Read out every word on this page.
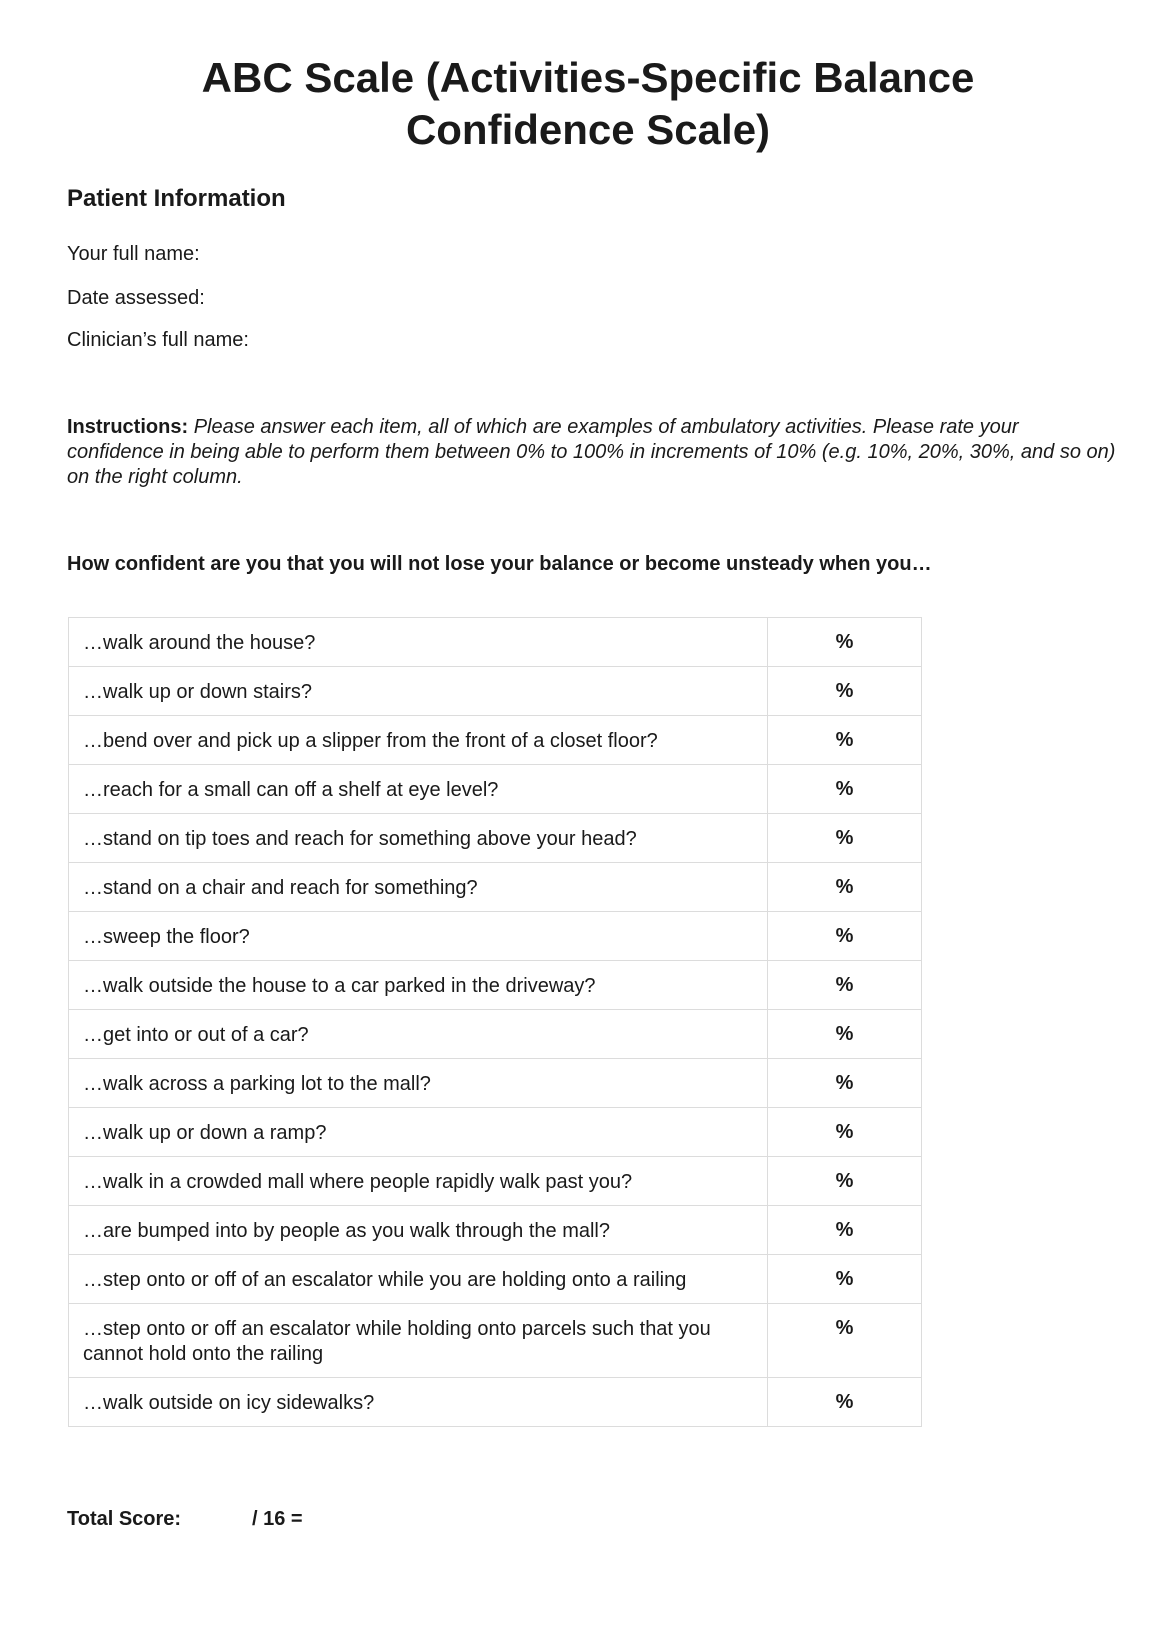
ABC Scale (Activities-Specific Balance
Confidence Scale)
Patient Information
Your full name:
Date assessed:
Clinician’s full name:
Instructions: Please answer each item, all of which are examples of ambulatory activities. Please rate your confidence in being able to perform them between 0% to 100% in increments of 10% (e.g. 10%, 20%, 30%, and so on) on the right column.
How confident are you that you will not lose your balance or become unsteady when you…
…walk around the house?	%
…walk up or down stairs?	%
…bend over and pick up a slipper from the front of a closet floor?	%
…reach for a small can off a shelf at eye level?	%
…stand on tip toes and reach for something above your head?	%
…stand on a chair and reach for something?	%
…sweep the floor?	%
…walk outside the house to a car parked in the driveway?	%
…get into or out of a car?	%
…walk across a parking lot to the mall?	%
…walk up or down a ramp?	%
…walk in a crowded mall where people rapidly walk past you?	%
…are bumped into by people as you walk through the mall?	%
…step onto or off of an escalator while you are holding onto a railing	%
…step onto or off an escalator while holding onto parcels such that you cannot hold onto the railing	%
…walk outside on icy sidewalks?	%
Total Score:	/ 16 =
